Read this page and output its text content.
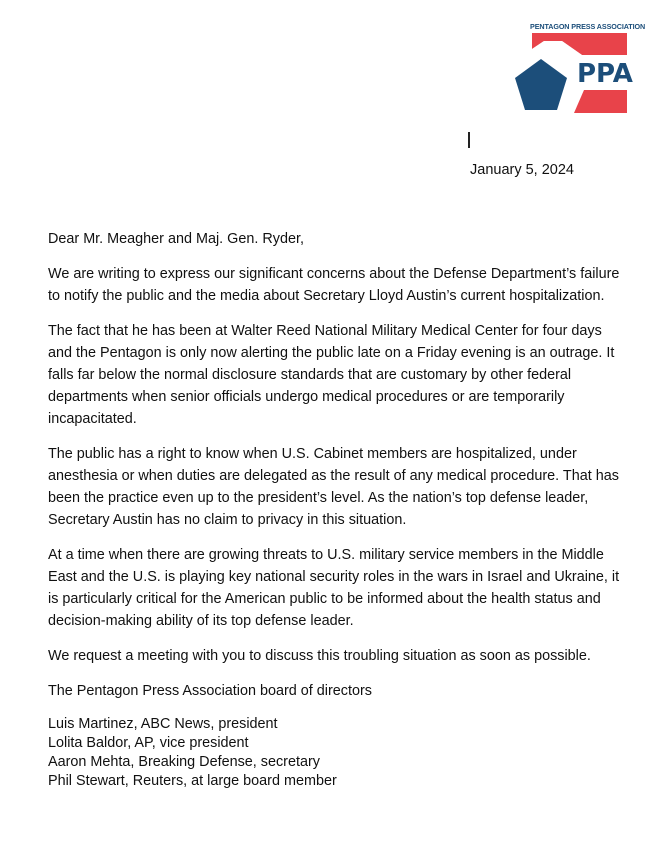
PENTAGON PRESS ASSOCIATION
PPA
January 5, 2024

Dear Mr. Meagher and Maj. Gen. Ryder,

We are writing to express our significant concerns about the Defense Department’s failure to notify the public and the media about Secretary Lloyd Austin’s current hospitalization.

The fact that he has been at Walter Reed National Military Medical Center for four days and the Pentagon is only now alerting the public late on a Friday evening is an outrage. It falls far below the normal disclosure standards that are customary by other federal departments when senior officials undergo medical procedures or are temporarily incapacitated.

The public has a right to know when U.S. Cabinet members are hospitalized, under anesthesia or when duties are delegated as the result of any medical procedure. That has been the practice even up to the president’s level. As the nation’s top defense leader, Secretary Austin has no claim to privacy in this situation.

At a time when there are growing threats to U.S. military service members in the Middle East and the U.S. is playing key national security roles in the wars in Israel and Ukraine, it is particularly critical for the American public to be informed about the health status and decision-making ability of its top defense leader.

We request a meeting with you to discuss this troubling situation as soon as possible.

The Pentagon Press Association board of directors

Luis Martinez, ABC News, president
Lolita Baldor, AP, vice president
Aaron Mehta, Breaking Defense, secretary
Phil Stewart, Reuters, at large board member
